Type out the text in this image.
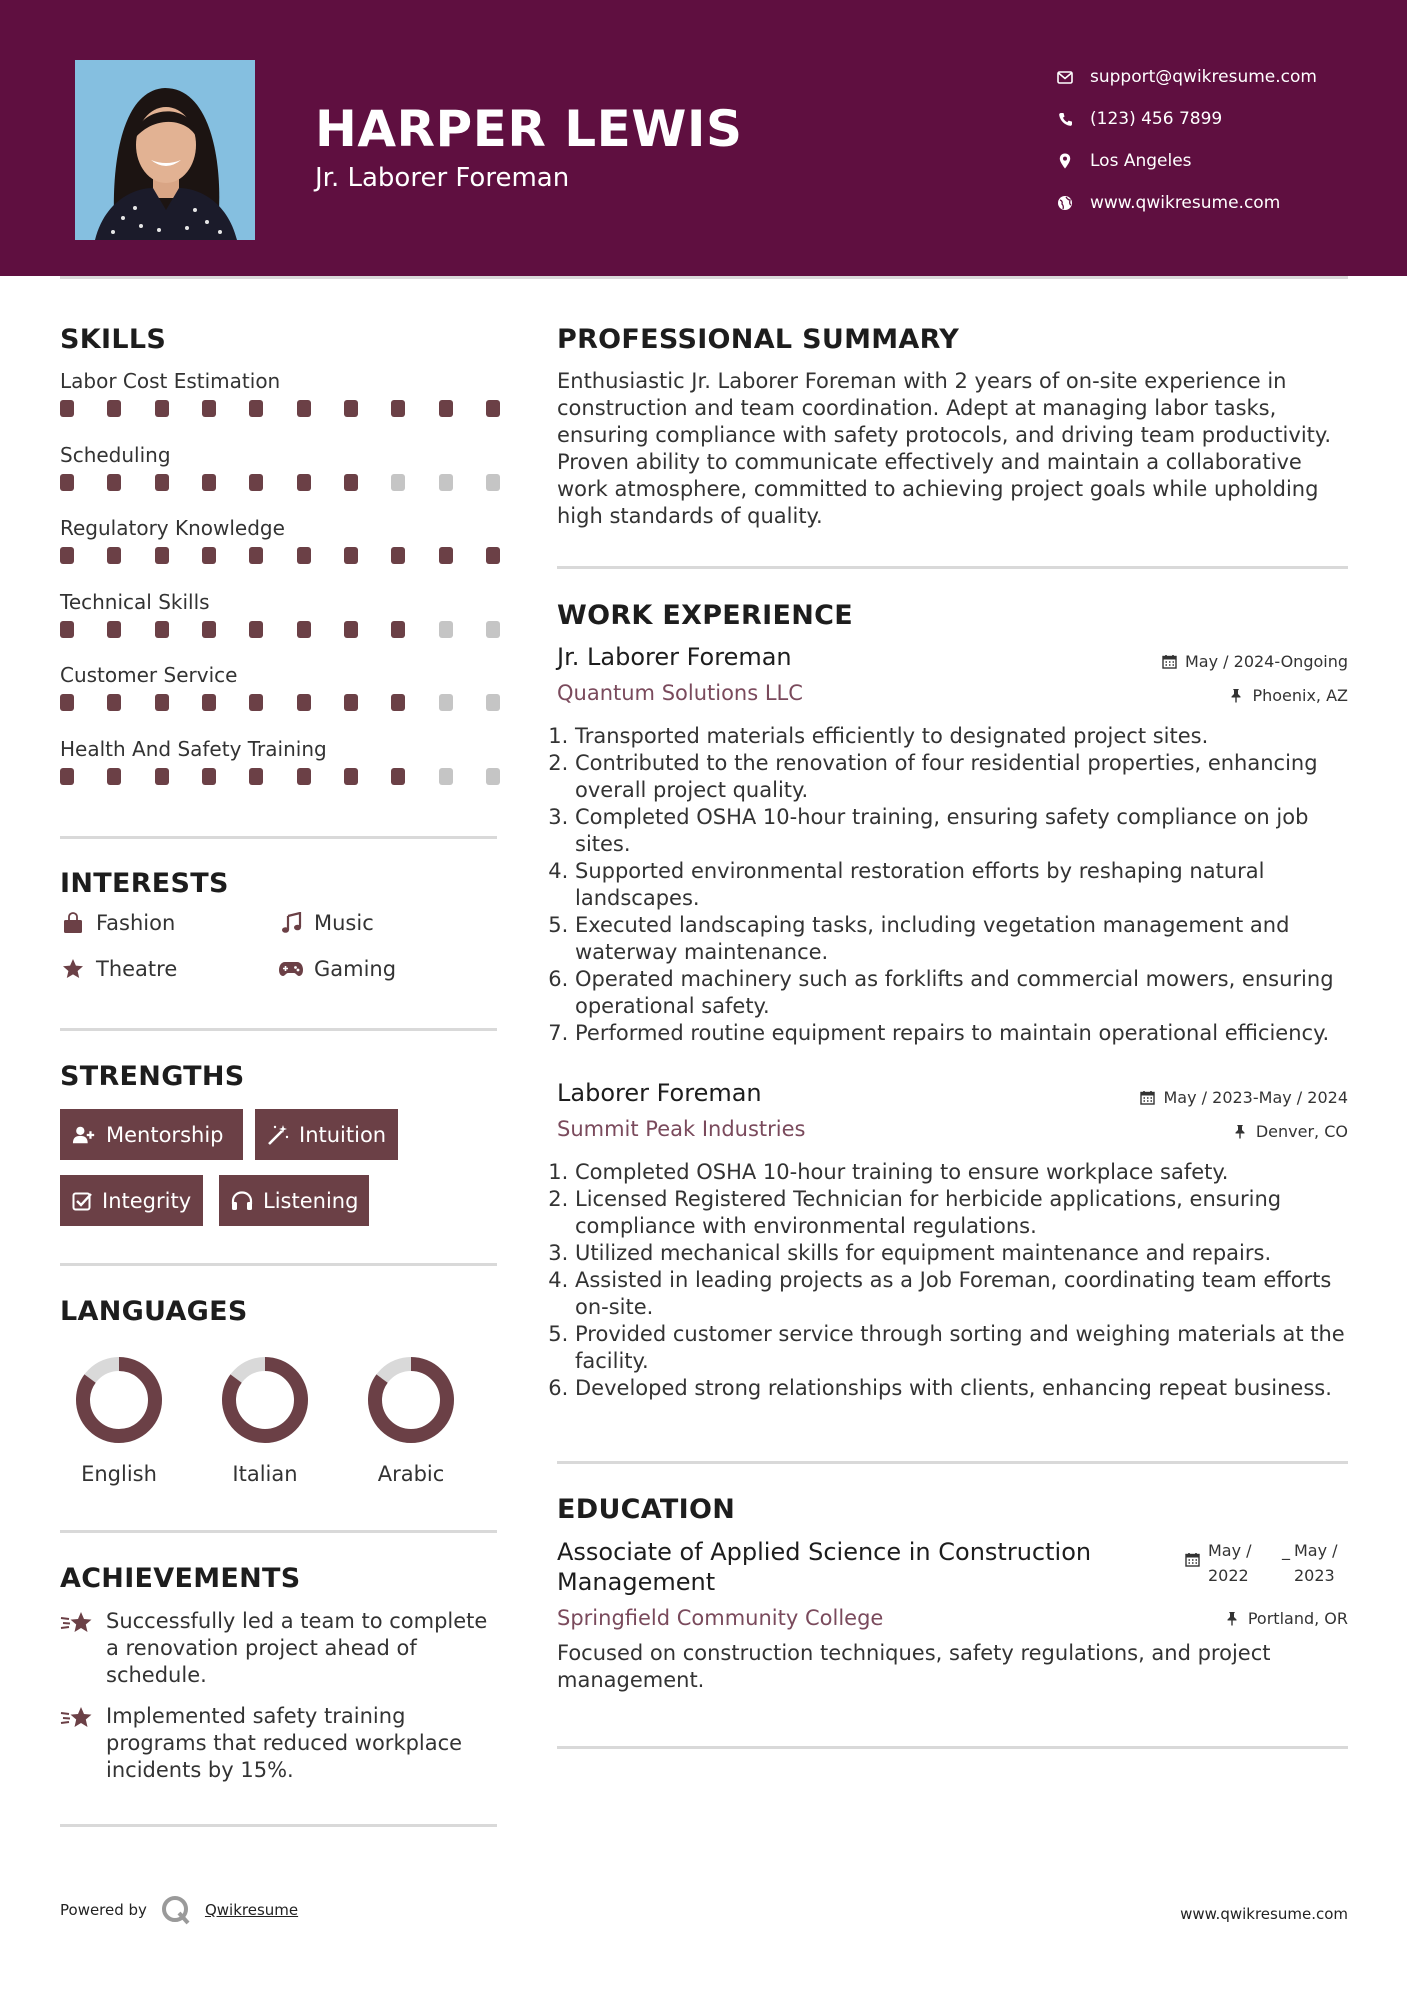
HARPER LEWIS
Jr. Laborer Foreman
support@qwikresume.com
(123) 456 7899
Los Angeles
www.qwikresume.com
SKILLS
Labor Cost Estimation
Scheduling
Regulatory Knowledge
Technical Skills
Customer Service
Health And Safety Training
INTERESTS
Fashion	Music
Theatre	Gaming
STRENGTHS
Mentorship	Intuition
Integrity	Listening
LANGUAGES
English	Italian	Arabic
ACHIEVEMENTS
Successfully led a team to complete a renovation project ahead of schedule.
Implemented safety training programs that reduced workplace incidents by 15%.
PROFESSIONAL SUMMARY
Enthusiastic Jr. Laborer Foreman with 2 years of on-site experience in construction and team coordination. Adept at managing labor tasks, ensuring compliance with safety protocols, and driving team productivity. Proven ability to communicate effectively and maintain a collaborative work atmosphere, committed to achieving project goals while upholding high standards of quality.
WORK EXPERIENCE
Jr. Laborer Foreman	May / 2024-Ongoing
Quantum Solutions LLC	Phoenix, AZ
1. Transported materials efficiently to designated project sites.
2. Contributed to the renovation of four residential properties, enhancing overall project quality.
3. Completed OSHA 10-hour training, ensuring safety compliance on job sites.
4. Supported environmental restoration efforts by reshaping natural landscapes.
5. Executed landscaping tasks, including vegetation management and waterway maintenance.
6. Operated machinery such as forklifts and commercial mowers, ensuring operational safety.
7. Performed routine equipment repairs to maintain operational efficiency.
Laborer Foreman	May / 2023-May / 2024
Summit Peak Industries	Denver, CO
1. Completed OSHA 10-hour training to ensure workplace safety.
2. Licensed Registered Technician for herbicide applications, ensuring compliance with environmental regulations.
3. Utilized mechanical skills for equipment maintenance and repairs.
4. Assisted in leading projects as a Job Foreman, coordinating team efforts on-site.
5. Provided customer service through sorting and weighing materials at the facility.
6. Developed strong relationships with clients, enhancing repeat business.
EDUCATION
Associate of Applied Science in Construction Management
May / 2022
_ May / 2023
Springfield Community College	Portland, OR
Focused on construction techniques, safety regulations, and project management.
Powered by	Qwikresume	www.qwikresume.com
